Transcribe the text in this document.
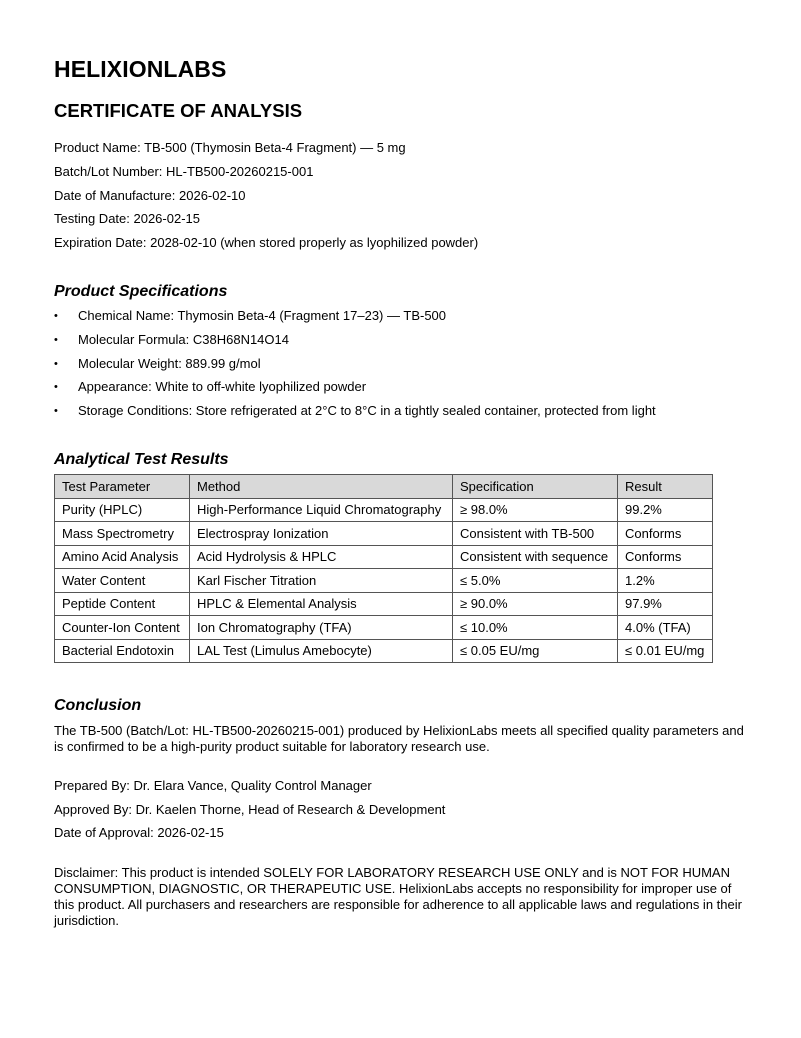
HELIXIONLABS
CERTIFICATE OF ANALYSIS
Product Name: TB-500 (Thymosin Beta-4 Fragment) — 5 mg
Batch/Lot Number: HL-TB500-20260215-001
Date of Manufacture: 2026-02-10
Testing Date: 2026-02-15
Expiration Date: 2028-02-10 (when stored properly as lyophilized powder)
Product Specifications
• Chemical Name: Thymosin Beta-4 (Fragment 17–23) — TB-500
• Molecular Formula: C38H68N14O14
• Molecular Weight: 889.99 g/mol
• Appearance: White to off-white lyophilized powder
• Storage Conditions: Store refrigerated at 2°C to 8°C in a tightly sealed container, protected from light
Analytical Test Results
Test Parameter	Method	Specification	Result
Purity (HPLC)	High-Performance Liquid Chromatography	≥ 98.0%	99.2%
Mass Spectrometry	Electrospray Ionization	Consistent with TB-500	Conforms
Amino Acid Analysis	Acid Hydrolysis & HPLC	Consistent with sequence	Conforms
Water Content	Karl Fischer Titration	≤ 5.0%	1.2%
Peptide Content	HPLC & Elemental Analysis	≥ 90.0%	97.9%
Counter-Ion Content	Ion Chromatography (TFA)	≤ 10.0%	4.0% (TFA)
Bacterial Endotoxin	LAL Test (Limulus Amebocyte)	≤ 0.05 EU/mg	≤ 0.01 EU/mg
Conclusion
The TB-500 (Batch/Lot: HL-TB500-20260215-001) produced by HelixionLabs meets all specified quality parameters and is confirmed to be a high-purity product suitable for laboratory research use.
Prepared By: Dr. Elara Vance, Quality Control Manager
Approved By: Dr. Kaelen Thorne, Head of Research & Development
Date of Approval: 2026-02-15
Disclaimer: This product is intended SOLELY FOR LABORATORY RESEARCH USE ONLY and is NOT FOR HUMAN CONSUMPTION, DIAGNOSTIC, OR THERAPEUTIC USE. HelixionLabs accepts no responsibility for improper use of this product. All purchasers and researchers are responsible for adherence to all applicable laws and regulations in their jurisdiction.
